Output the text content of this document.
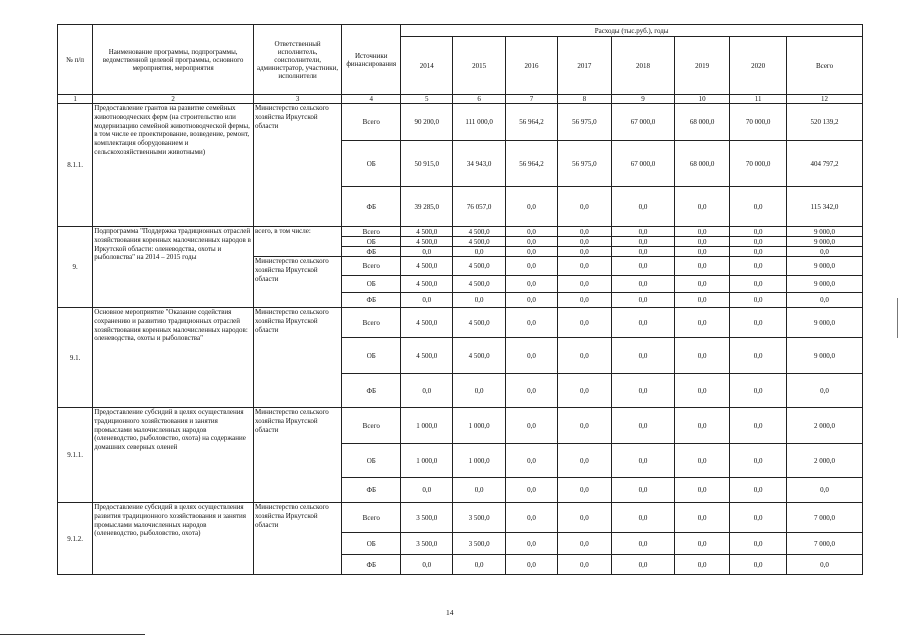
№ п/п	Наименование программы, подпрограммы, ведомственной целевой программы, основного мероприятия, мероприятия	Ответственный исполнитель, соисполнители, администратор, участники, исполнители	Источники финансирования	Расходы (тыс.руб.), годы							
				2014	2015	2016	2017	2018	2019	2020	Всего
1	2	3	4	5	6	7	8	9	10	11	12
8.1.1.	Предоставление грантов на развитие семейных животноводческих ферм (на строительство или модернизацию семейной животноводческой фермы, в том числе ее проектирование, возведение, ремонт, комплектация оборудованием и сельскохозяйственными животными)	Министерство сельского хозяйства Иркутской области	Всего	90 200,0	111 000,0	56 964,2	56 975,0	67 000,0	68 000,0	70 000,0	520 139,2
			ОБ	50 915,0	34 943,0	56 964,2	56 975,0	67 000,0	68 000,0	70 000,0	404 797,2
			ФБ	39 285,0	76 057,0	0,0	0,0	0,0	0,0	0,0	115 342,0
9.	Подпрограмма "Поддержка традиционных отраслей хозяйствования коренных малочисленных народов в Иркутской области: оленеводства, охоты и рыболовства" на 2014 – 2015 годы	всего, в том числе:	Всего	4 500,0	4 500,0	0,0	0,0	0,0	0,0	0,0	9 000,0
			ОБ	4 500,0	4 500,0	0,0	0,0	0,0	0,0	0,0	9 000,0
			ФБ	0,0	0,0	0,0	0,0	0,0	0,0	0,0	0,0
		Министерство сельского хозяйства Иркутской области	Всего	4 500,0	4 500,0	0,0	0,0	0,0	0,0	0,0	9 000,0
			ОБ	4 500,0	4 500,0	0,0	0,0	0,0	0,0	0,0	9 000,0
			ФБ	0,0	0,0	0,0	0,0	0,0	0,0	0,0	0,0
9.1.	Основное мероприятие "Оказание содействия сохранению и развитию традиционных отраслей хозяйствования коренных малочисленных народов: оленеводства, охоты и рыболовства"	Министерство сельского хозяйства Иркутской области	Всего	4 500,0	4 500,0	0,0	0,0	0,0	0,0	0,0	9 000,0
			ОБ	4 500,0	4 500,0	0,0	0,0	0,0	0,0	0,0	9 000,0
			ФБ	0,0	0,0	0,0	0,0	0,0	0,0	0,0	0,0
9.1.1.	Предоставление субсидий в целях осуществления традиционного хозяйствования и занятия промыслами малочисленных народов (оленеводство, рыболовство, охота) на содержание домашних северных оленей	Министерство сельского хозяйства Иркутской области	Всего	1 000,0	1 000,0	0,0	0,0	0,0	0,0	0,0	2 000,0
			ОБ	1 000,0	1 000,0	0,0	0,0	0,0	0,0	0,0	2 000,0
			ФБ	0,0	0,0	0,0	0,0	0,0	0,0	0,0	0,0
9.1.2.	Предоставление субсидий в целях осуществления развития традиционного хозяйствования и занятия промыслами малочисленных народов (оленеводство, рыболовство, охота)	Министерство сельского хозяйства Иркутской области	Всего	3 500,0	3 500,0	0,0	0,0	0,0	0,0	0,0	7 000,0
			ОБ	3 500,0	3 500,0	0,0	0,0	0,0	0,0	0,0	7 000,0
			ФБ	0,0	0,0	0,0	0,0	0,0	0,0	0,0	0,0
14
